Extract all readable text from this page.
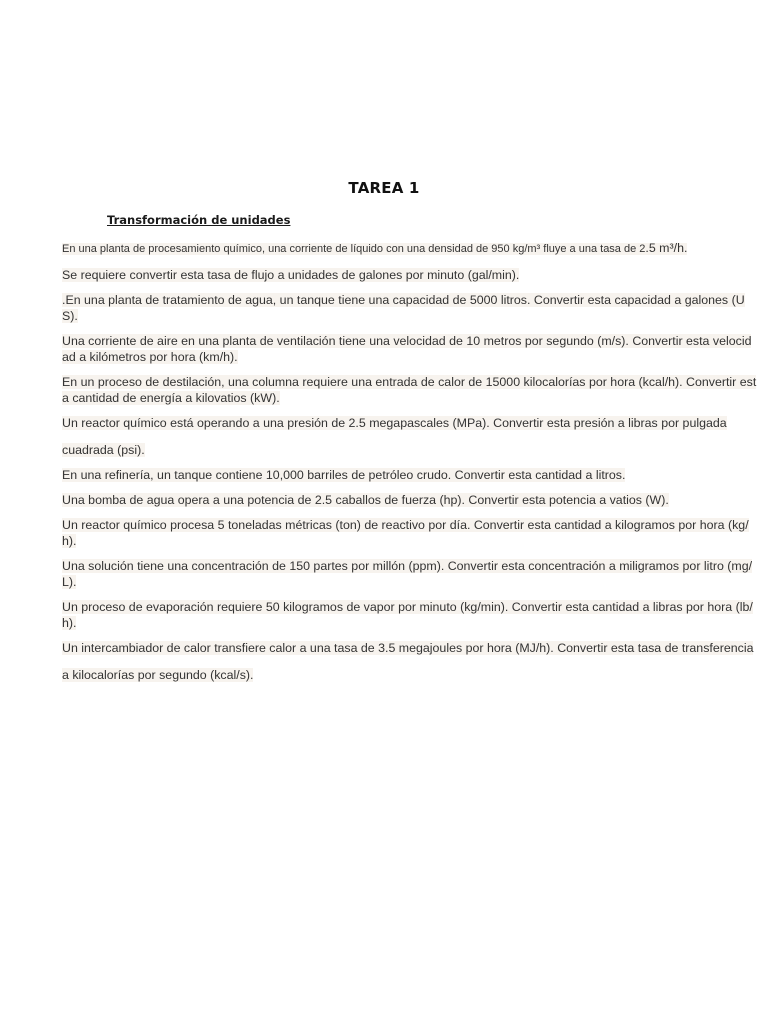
TAREA 1
Transformación de unidades

En una planta de procesamiento químico, una corriente de líquido con una densidad de 950 kg/m³ fluye a una tasa de 2.5 m³/h.

Se requiere convertir esta tasa de flujo a unidades de galones por minuto (gal/min).

.En una planta de tratamiento de agua, un tanque tiene una capacidad de 5000 litros. Convertir esta capacidad a galones (US).

Una corriente de aire en una planta de ventilación tiene una velocidad de 10 metros por segundo (m/s). Convertir esta velocidad a kilómetros por hora (km/h).

En un proceso de destilación, una columna requiere una entrada de calor de 15000 kilocalorías por hora (kcal/h). Convertir esta cantidad de energía a kilovatios (kW).

Un reactor químico está operando a una presión de 2.5 megapascales (MPa). Convertir esta presión a libras por pulgada cuadrada (psi).

En una refinería, un tanque contiene 10,000 barriles de petróleo crudo. Convertir esta cantidad a litros.

Una bomba de agua opera a una potencia de 2.5 caballos de fuerza (hp). Convertir esta potencia a vatios (W).

Un reactor químico procesa 5 toneladas métricas (ton) de reactivo por día. Convertir esta cantidad a kilogramos por hora (kg/h).

Una solución tiene una concentración de 150 partes por millón (ppm). Convertir esta concentración a miligramos por litro (mg/L).

Un proceso de evaporación requiere 50 kilogramos de vapor por minuto (kg/min). Convertir esta cantidad a libras por hora (lb/h).

Un intercambiador de calor transfiere calor a una tasa de 3.5 megajoules por hora (MJ/h). Convertir esta tasa de transferencia a kilocalorías por segundo (kcal/s).
